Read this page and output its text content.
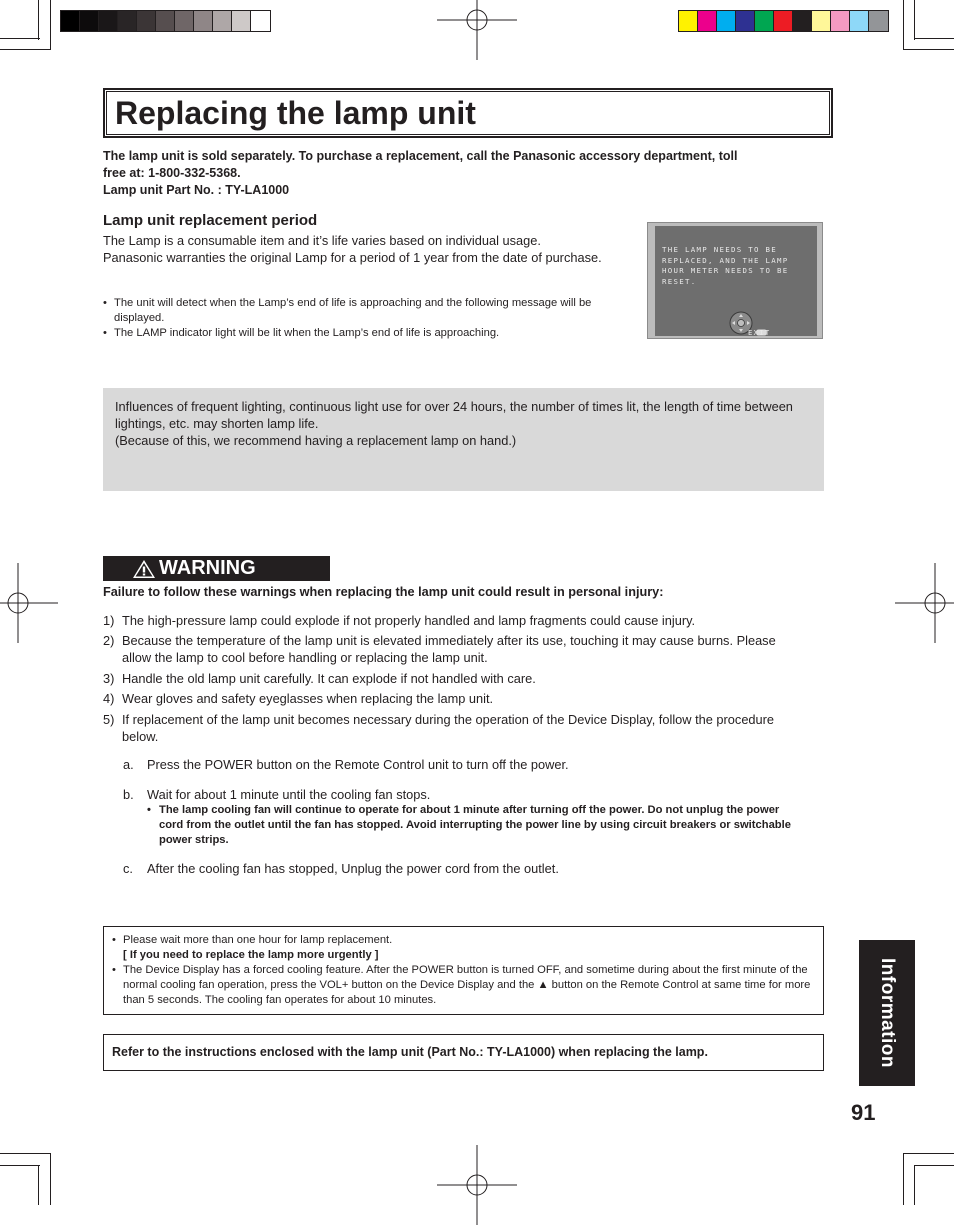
Replacing the lamp unit
The lamp unit is sold separately. To purchase a replacement, call the Panasonic accessory department, toll
free at: 1-800-332-5368.
Lamp unit Part No. : TY-LA1000
Lamp unit replacement period
The Lamp is a consumable item and it’s life varies based on individual usage. Panasonic warranties the original Lamp for a period of 1 year from the date of purchase.
• The unit will detect when the Lamp’s end of life is approaching and the following message will be displayed.
• The LAMP indicator light will be lit when the Lamp’s end of life is approaching.
THE LAMP NEEDS TO BE REPLACED, AND THE LAMP HOUR METER NEEDS TO BE RESET.
EXIT
Influences of frequent lighting, continuous light use for over 24 hours, the number of times lit, the length of time between lightings, etc. may shorten lamp life.
(Because of this, we recommend having a replacement lamp on hand.)
WARNING
Failure to follow these warnings when replacing the lamp unit could result in personal injury:
1) The high-pressure lamp could explode if not properly handled and lamp fragments could cause injury.
2) Because the temperature of the lamp unit is elevated immediately after its use, touching it may cause burns. Please allow the lamp to cool before handling or replacing the lamp unit.
3) Handle the old lamp unit carefully. It can explode if not handled with care.
4) Wear gloves and safety eyeglasses when replacing the lamp unit.
5) If replacement of the lamp unit becomes necessary during the operation of the Device Display, follow the procedure below.
a. Press the POWER button on the Remote Control unit to turn off the power.
b. Wait for about 1 minute until the cooling fan stops.
• The lamp cooling fan will continue to operate for about 1 minute after turning off the power. Do not unplug the power cord from the outlet until the fan has stopped. Avoid interrupting the power line by using circuit breakers or switchable power strips.
c. After the cooling fan has stopped, Unplug the power cord from the outlet.
• Please wait more than one hour for lamp replacement.
[ If you need to replace the lamp more urgently ]
• The Device Display has a forced cooling feature. After the POWER button is turned OFF, and sometime during about the first minute of the normal cooling fan operation, press the VOL+ button on the Device Display and the ▲ button on the Remote Control at same time for more than 5 seconds. The cooling fan operates for about 10 minutes.
Refer to the instructions enclosed with the lamp unit (Part No.: TY-LA1000) when replacing the lamp.	Information
91
